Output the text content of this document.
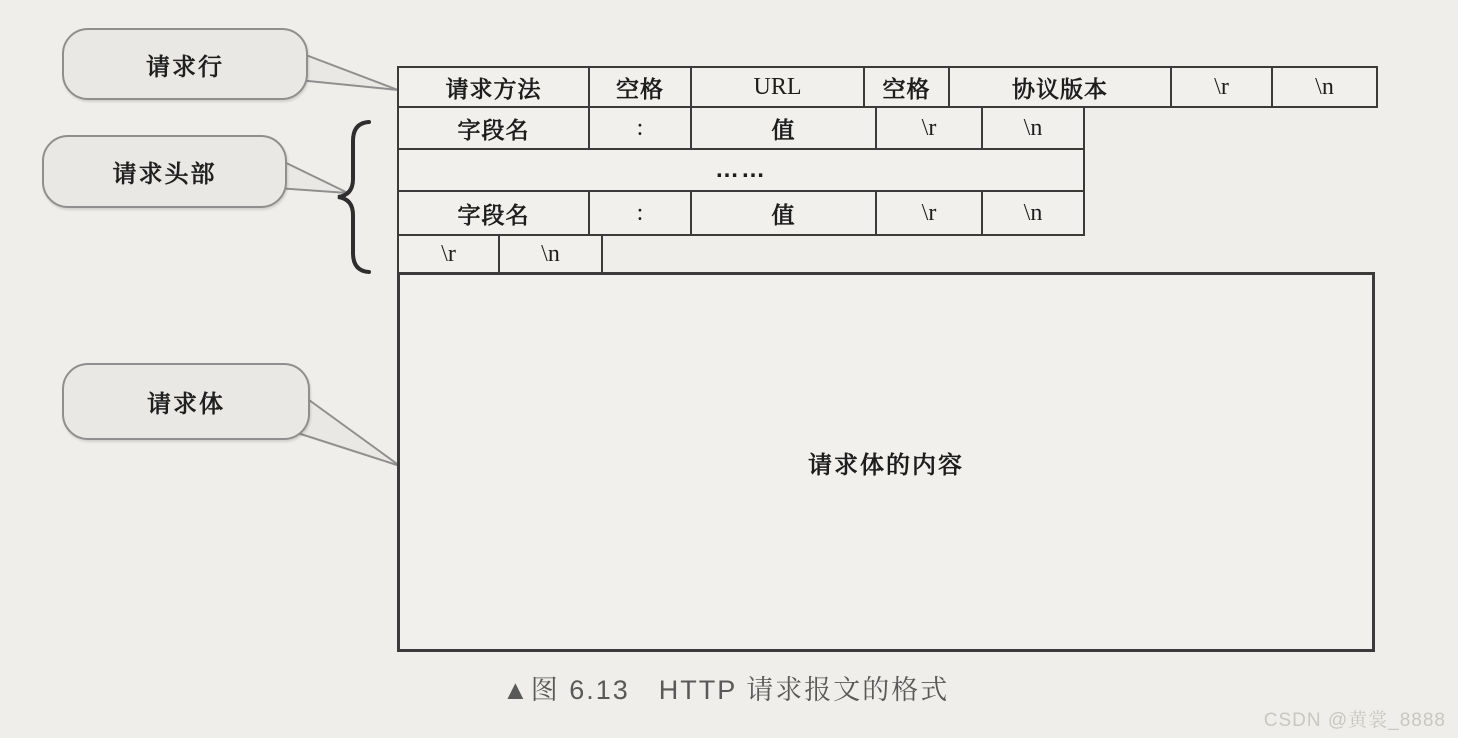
请求行
请求头部
请求体
请求方法	空格	URL	空格	协议版本	\r	\n
字段名	:	值	\r	\n
……
字段名	:	值	\r	\n
\r	\n
请求体的内容
▲图 6.13　HTTP 请求报文的格式
CSDN @黄裳_8888
